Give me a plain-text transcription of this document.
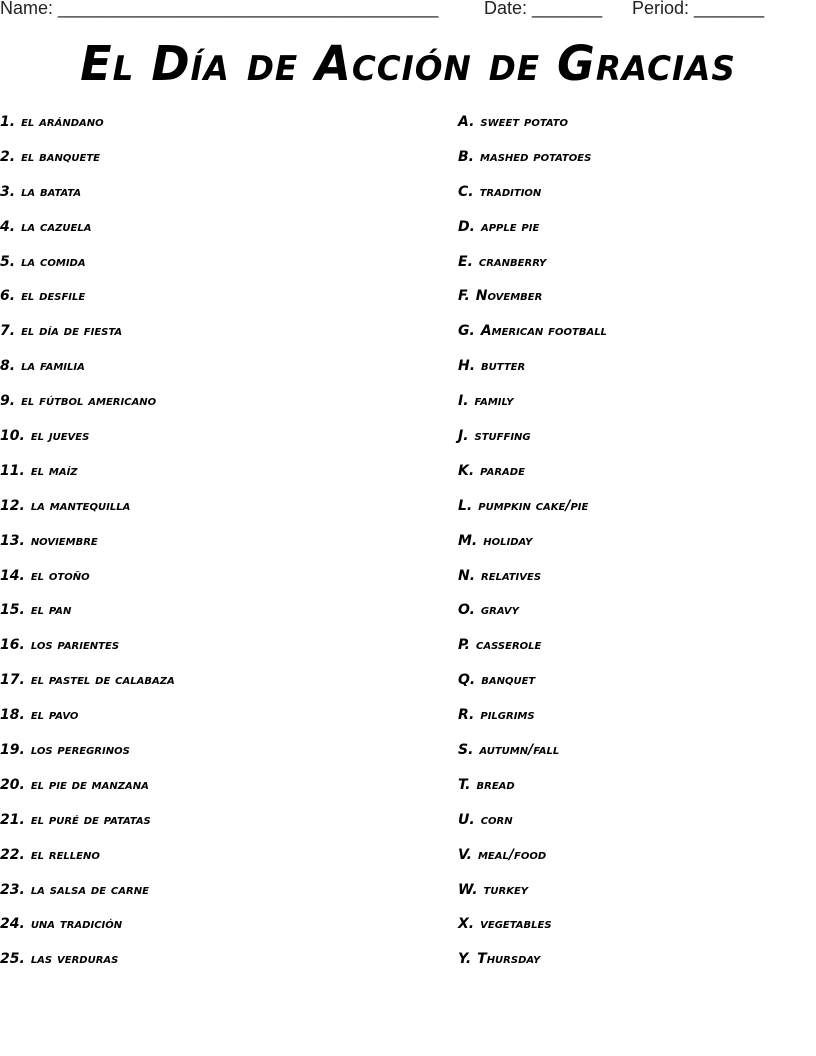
Name: ______________________________________	Date: _______ Period: _______
El Día de Acción de Gracias
1. el arándano
2. el banquete
3. la batata
4. la cazuela
5. la comida
6. el desfile
7. el día de fiesta
8. la familia
9. el fútbol americano
10. el jueves
11. el maíz
12. la mantequilla
13. noviembre
14. el otoño
15. el pan
16. los parientes
17. el pastel de calabaza
18. el pavo
19. los peregrinos
20. el pie de manzana
21. el puré de patatas
22. el relleno
23. la salsa de carne
24. una tradición
25. las verduras
A. sweet potato
B. mashed potatoes
C. tradition
D. apple pie
E. cranberry
F. November
G. American football
H. butter
I. family
J. stuffing
K. parade
L. pumpkin cake/pie
M. holiday
N. relatives
O. gravy
P. casserole
Q. banquet
R. pilgrims
S. autumn/fall
T. bread
U. corn
V. meal/food
W. turkey
X. vegetables
Y. Thursday
